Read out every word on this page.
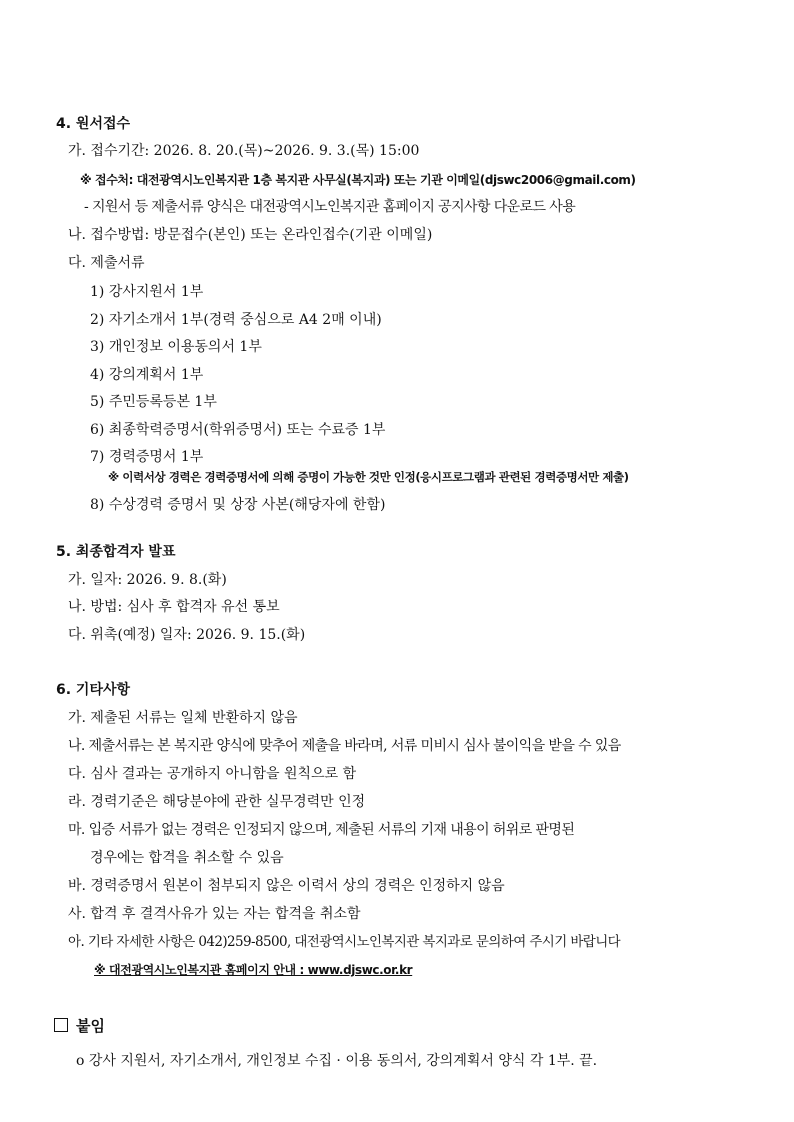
4. 원서접수
가. 접수기간: 2026. 8. 20.(목)~2026. 9. 3.(목) 15:00
※ 접수처: 대전광역시노인복지관 1층 복지관 사무실(복지과) 또는 기관 이메일(djswc2006@gmail.com)
- 지원서 등 제출서류 양식은 대전광역시노인복지관 홈페이지 공지사항 다운로드 사용
나. 접수방법: 방문접수(본인) 또는 온라인접수(기관 이메일)
다. 제출서류
1) 강사지원서 1부
2) 자기소개서 1부(경력 중심으로 A4 2매 이내)
3) 개인정보 이용동의서 1부
4) 강의계획서 1부
5) 주민등록등본 1부
6) 최종학력증명서(학위증명서) 또는 수료증 1부
7) 경력증명서 1부
※ 이력서상 경력은 경력증명서에 의해 증명이 가능한 것만 인정(응시프로그램과 관련된 경력증명서만 제출)
8) 수상경력 증명서 및 상장 사본(해당자에 한함)
5. 최종합격자 발표
가. 일자: 2026. 9. 8.(화)
나. 방법: 심사 후 합격자 유선 통보
다. 위촉(예정) 일자: 2026. 9. 15.(화)
6. 기타사항
가. 제출된 서류는 일체 반환하지 않음
나. 제출서류는 본 복지관 양식에 맞추어 제출을 바라며, 서류 미비시 심사 불이익을 받을 수 있음
다. 심사 결과는 공개하지 아니함을 원칙으로 함
라. 경력기준은 해당분야에 관한 실무경력만 인정
마. 입증 서류가 없는 경력은 인정되지 않으며, 제출된 서류의 기재 내용이 허위로 판명된
경우에는 합격을 취소할 수 있음
바. 경력증명서 원본이 첨부되지 않은 이력서 상의 경력은 인정하지 않음
사. 합격 후 결격사유가 있는 자는 합격을 취소함
아. 기타 자세한 사항은 042)259-8500, 대전광역시노인복지관 복지과로 문의하여 주시기 바랍니다
※ 대전광역시노인복지관 홈페이지 안내 : www.djswc.or.kr
붙임
o 강사 지원서, 자기소개서, 개인정보 수집 · 이용 동의서, 강의계획서 양식 각 1부. 끝.
